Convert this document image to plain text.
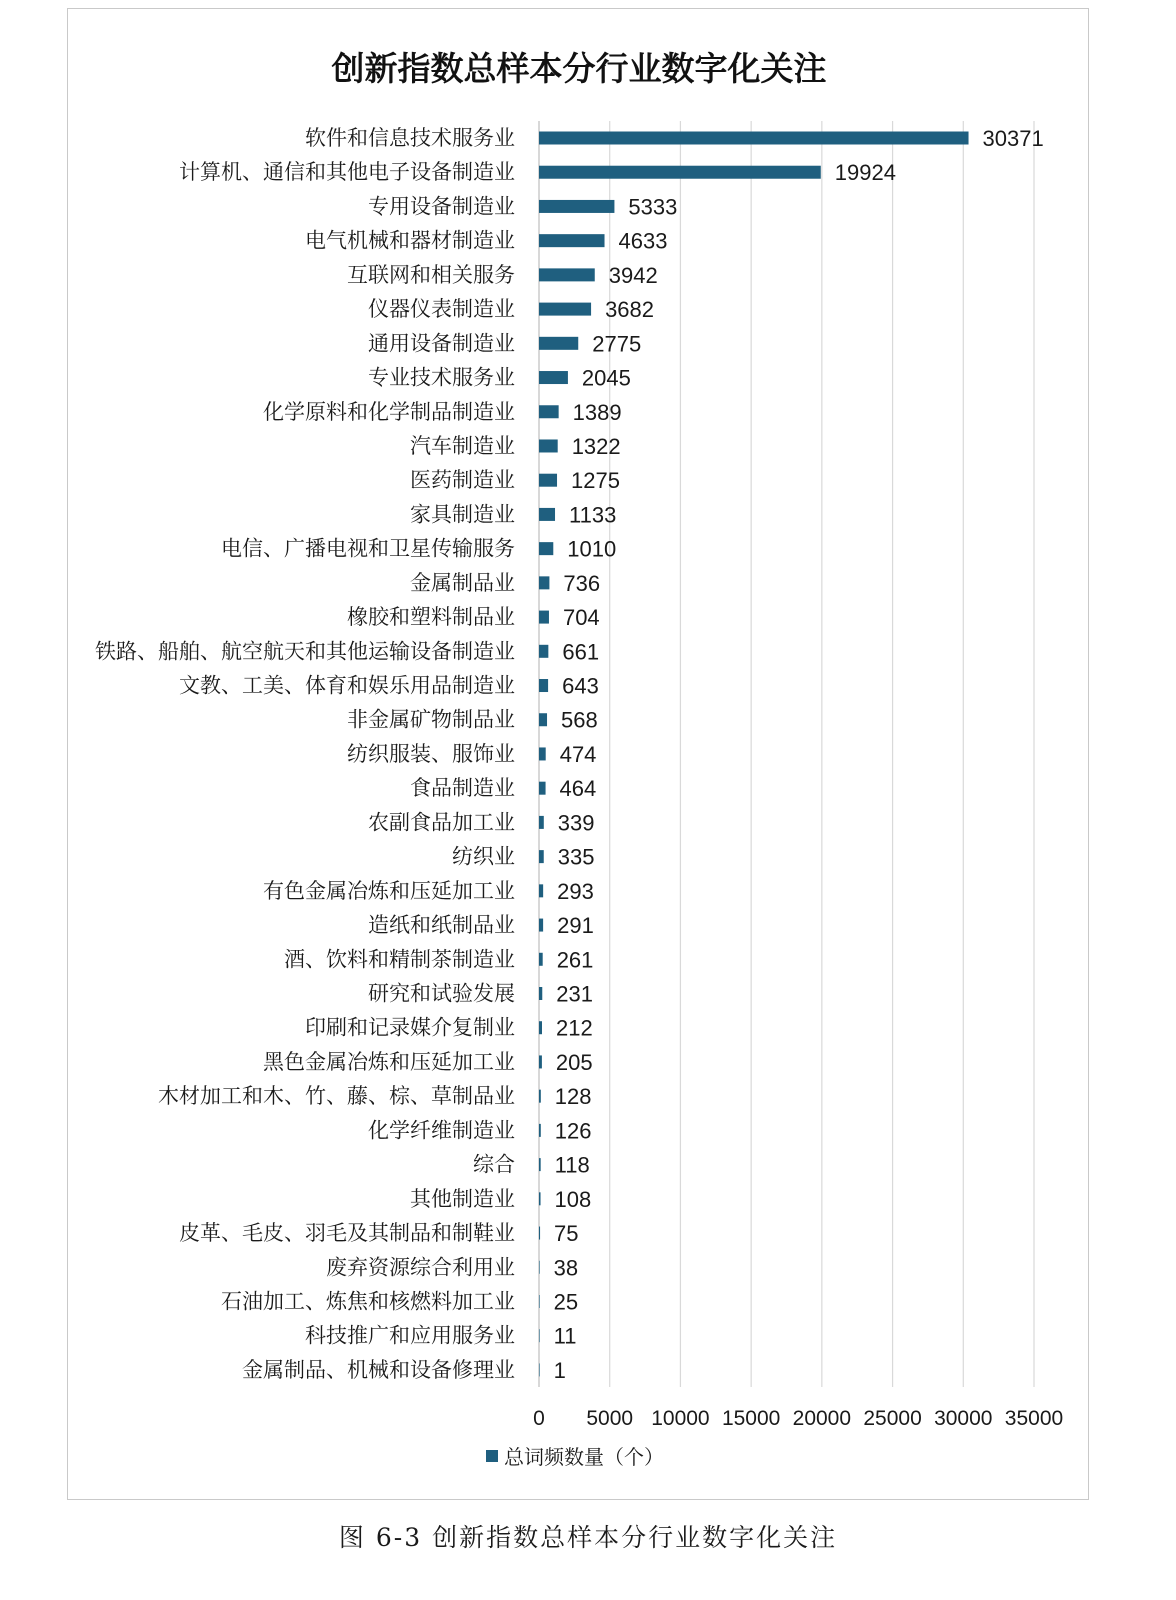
创新指数总样本分行业数字化关注
0 5000 10000 15000 20000 25000 30000 35000
软件和信息技术服务业	30371
计算机、通信和其他电子设备制造业	19924
专用设备制造业	5333
电气机械和器材制造业	4633
互联网和相关服务	3942
仪器仪表制造业	3682
通用设备制造业	2775
专业技术服务业	2045
化学原料和化学制品制造业	1389
汽车制造业	1322
医药制造业	1275
家具制造业 1133
电信、广播电视和卫星传输服务 1010
金属制品业 736
橡胶和塑料制品业 704
铁路、船舶、航空航天和其他运输设备制造业 661
文教、工美、体育和娱乐用品制造业 643
非金属矿物制品业 568
纺织服装、服饰业 474
食品制造业 464
农副食品加工业 339
纺织业 335
有色金属冶炼和压延加工业 293
造纸和纸制品业 291
酒、饮料和精制茶制造业 261
研究和试验发展 231
印刷和记录媒介复制业 212
黑色金属冶炼和压延加工业 205
木材加工和木、竹、藤、棕、草制品业 128
化学纤维制造业 126
综合 118
其他制造业 108
皮革、毛皮、羽毛及其制品和制鞋业 75
废弃资源综合利用业 38
石油加工、炼焦和核燃料加工业 25
科技推广和应用服务业 11
金属制品、机械和设备修理业 1
总词频数量（个）
图 6-3 创新指数总样本分行业数字化关注
